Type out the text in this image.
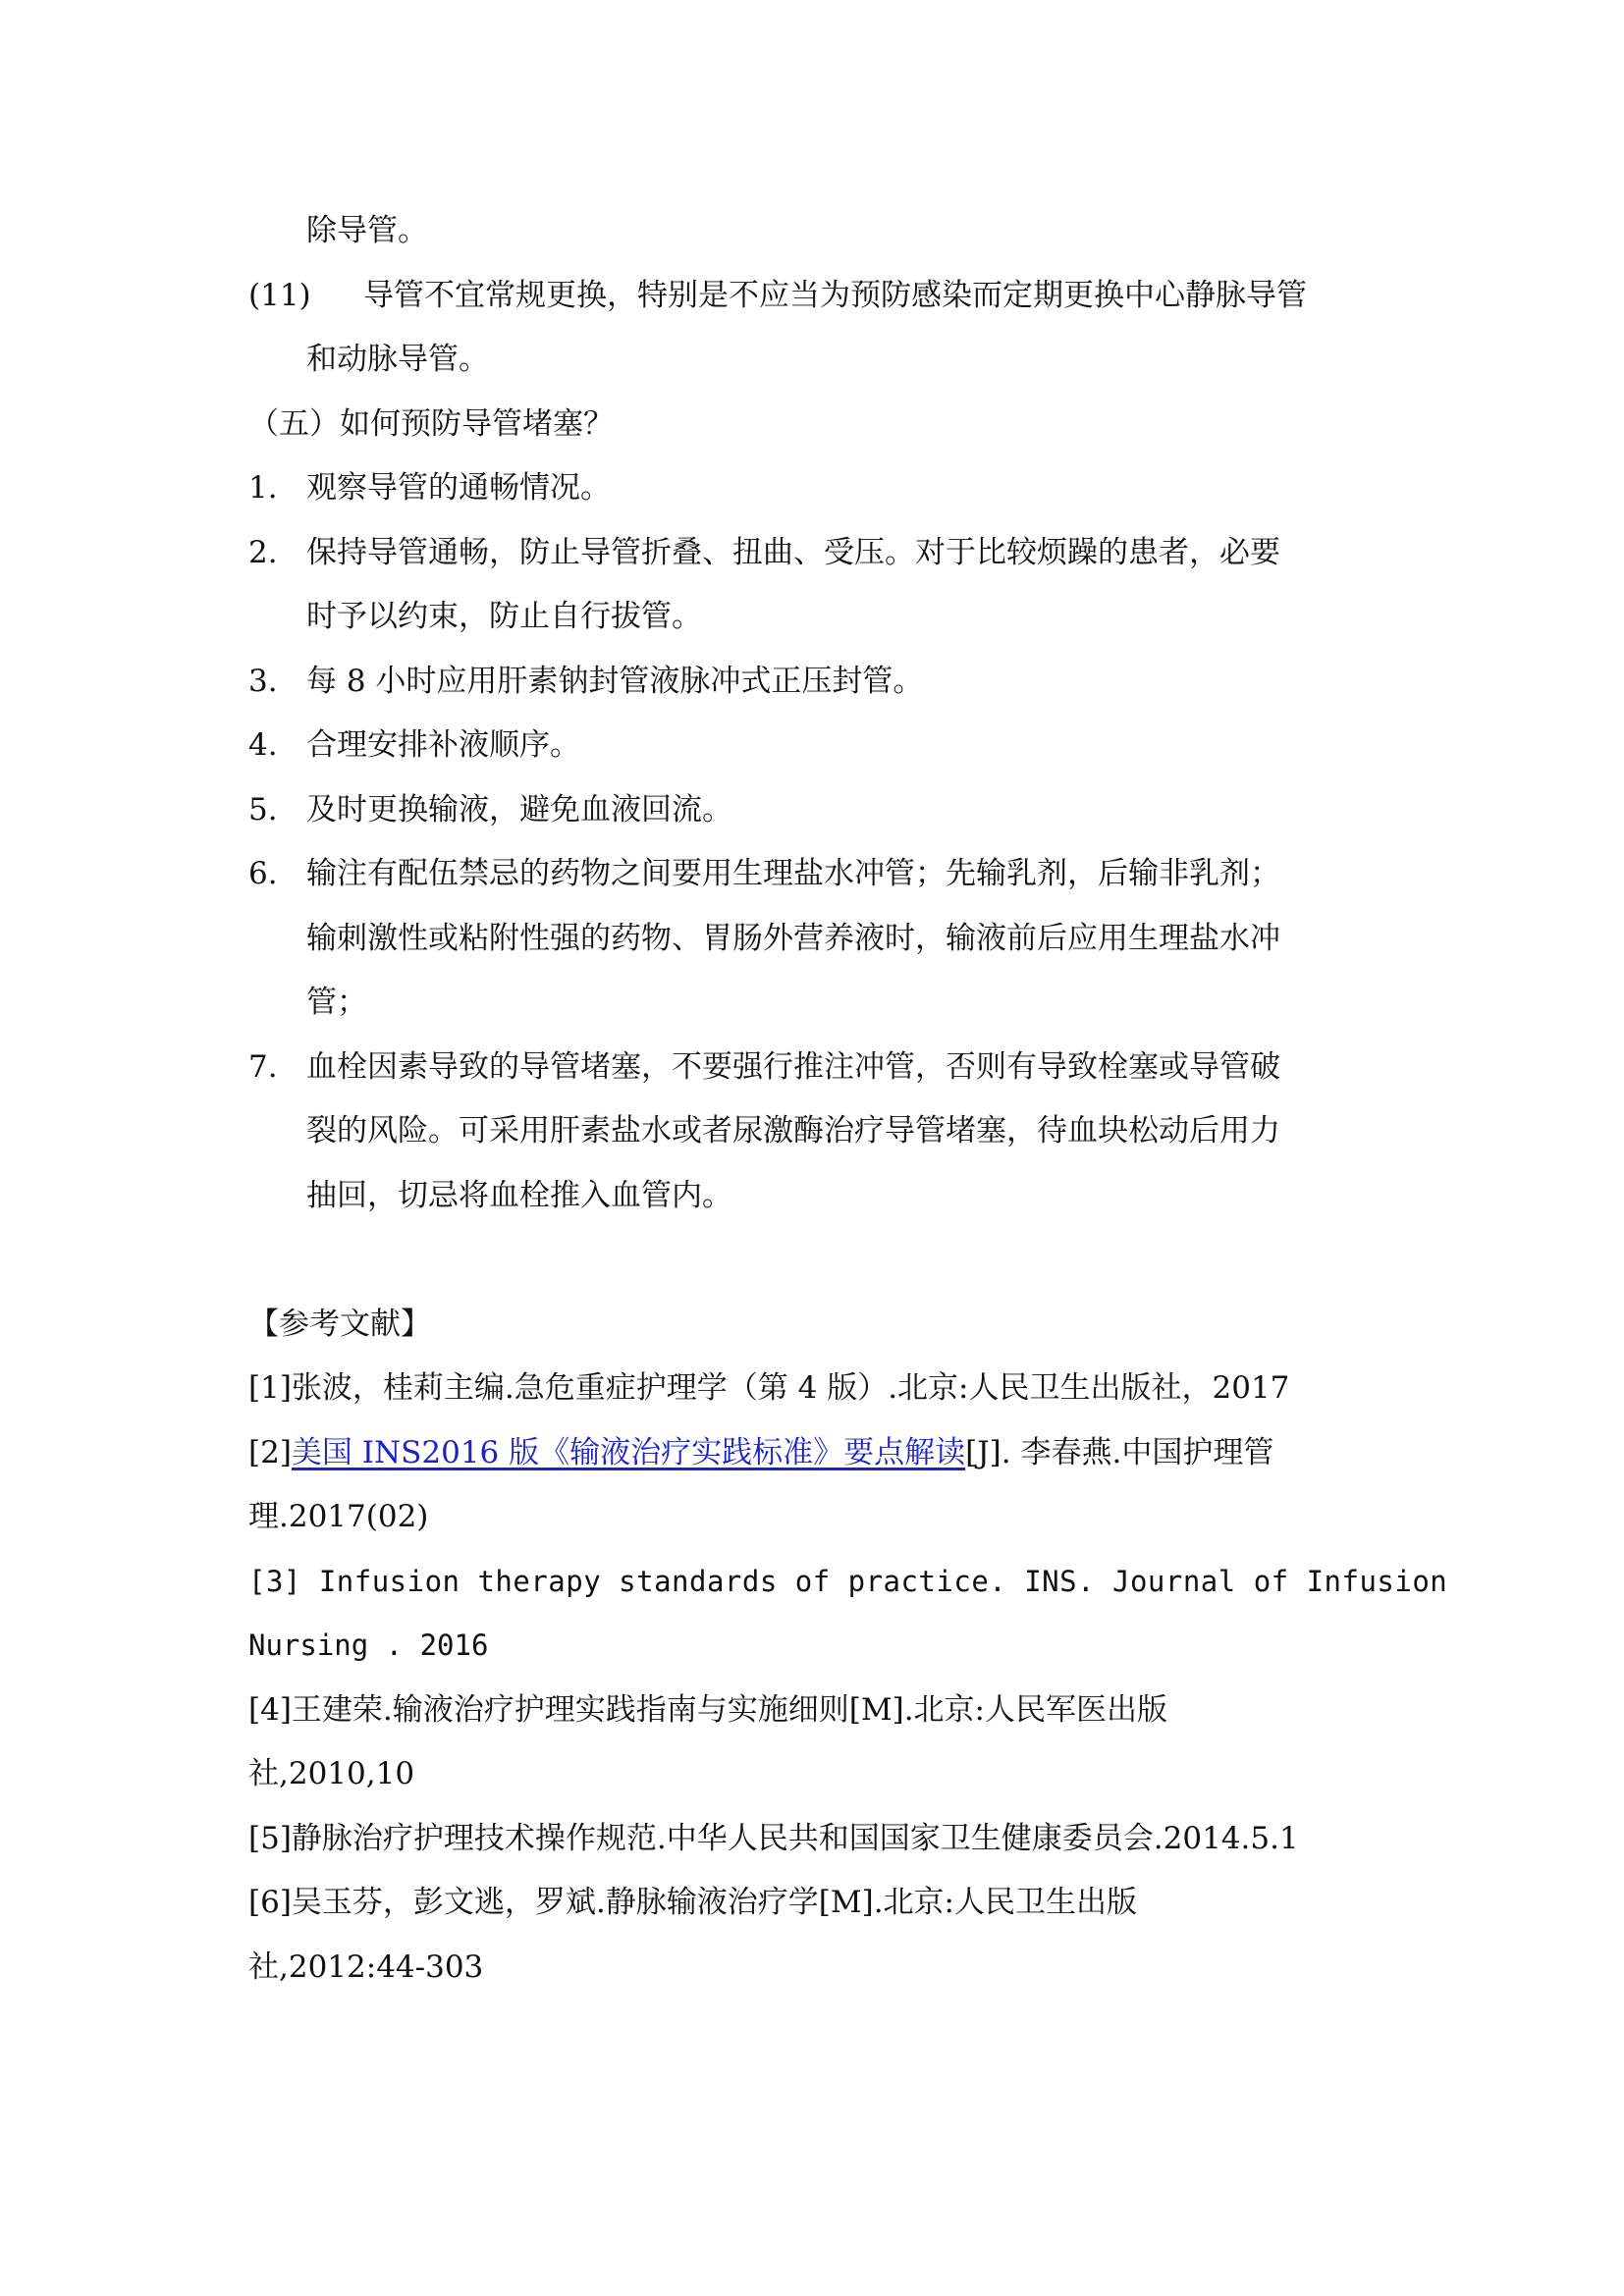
除导管。
(11) 导管不宜常规更换，特别是不应当为预防感染而定期更换中心静脉导管
和动脉导管。
（五）如何预防导管堵塞？
1. 观察导管的通畅情况。
2. 保持导管通畅，防止导管折叠、扭曲、受压。对于比较烦躁的患者，必要
时予以约束，防止自行拔管。
3. 每 8 小时应用肝素钠封管液脉冲式正压封管。
4. 合理安排补液顺序。
5. 及时更换输液，避免血液回流。
6. 输注有配伍禁忌的药物之间要用生理盐水冲管；先输乳剂，后输非乳剂；
输刺激性或粘附性强的药物、胃肠外营养液时，输液前后应用生理盐水冲
管；
7. 血栓因素导致的导管堵塞，不要强行推注冲管，否则有导致栓塞或导管破
裂的风险。可采用肝素盐水或者尿激酶治疗导管堵塞，待血块松动后用力
抽回，切忌将血栓推入血管内。
【参考文献】
[1]张波，桂莉主编.急危重症护理学（第 4 版）.北京:人民卫生出版社，2017
[2]美国 INS2016 版《输液治疗实践标准》要点解读[J]. 李春燕.中国护理管
理.2017(02)
[3] Infusion therapy standards of practice. INS. Journal of Infusion
Nursing . 2016
[4]王建荣.输液治疗护理实践指南与实施细则[M].北京:人民军医出版
社,2010,10
[5]静脉治疗护理技术操作规范.中华人民共和国国家卫生健康委员会.2014.5.1
[6]吴玉芬，彭文逃，罗斌.静脉输液治疗学[M].北京:人民卫生出版
社,2012:44-303
